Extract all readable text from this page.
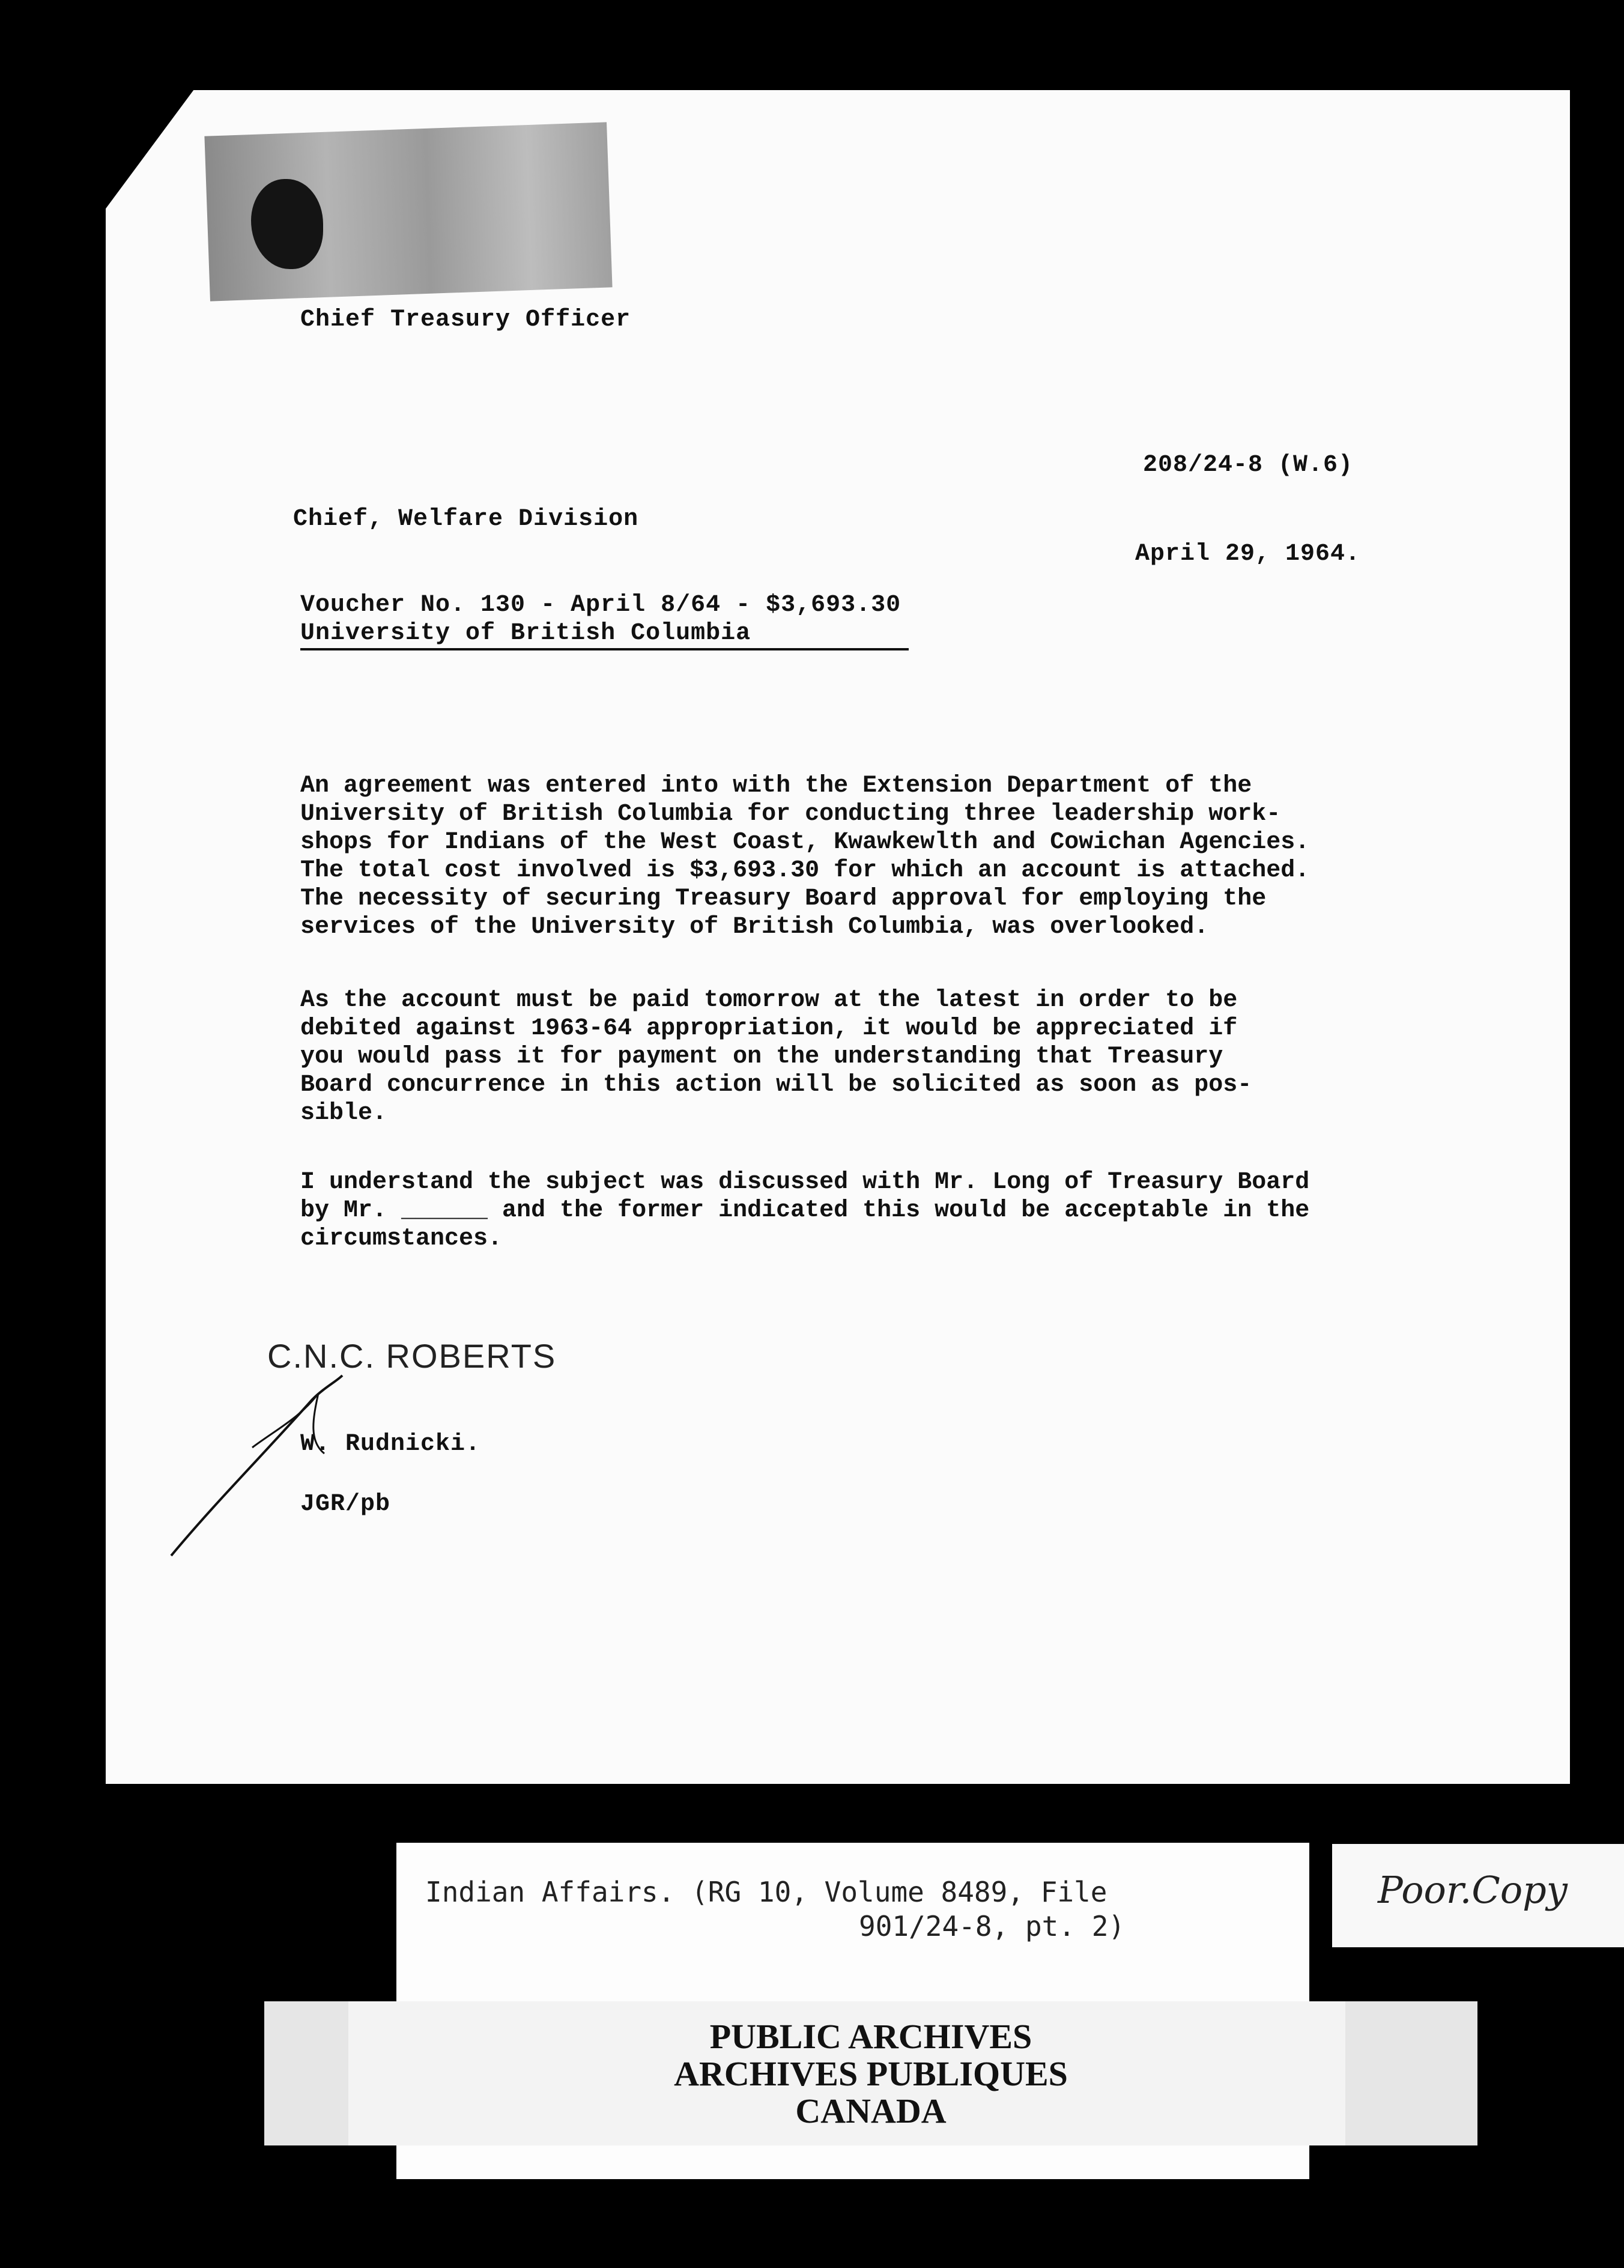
Chief Treasury Officer
208/24-8 (W.6)
Chief, Welfare Division
April 29, 1964.
Voucher No. 130 - April 8/64 - $3,693.30
University of British Columbia

An agreement was entered into with the Extension Department of the
University of British Columbia for conducting three leadership work-
shops for Indians of the West Coast, Kwawkewlth and Cowichan Agencies.
The total cost involved is $3,693.30 for which an account is attached.
The necessity of securing Treasury Board approval for employing the
services of the University of British Columbia, was overlooked.

As the account must be paid tomorrow at the latest in order to be
debited against 1963-64 appropriation, it would be appreciated if
you would pass it for payment on the understanding that Treasury
Board concurrence in this action will be solicited as soon as pos-
sible.

I understand the subject was discussed with Mr. Long of Treasury Board
by Mr. ______ and the former indicated this would be acceptable in the
circumstances.

C.N.C. ROBERTS
W. Rudnicki.
JGR/pb
Indian Affairs. (RG 10, Volume 8489, File
901/24-8, pt. 2)
Poor.Copy
PUBLIC ARCHIVES
ARCHIVES PUBLIQUES
CANADA
